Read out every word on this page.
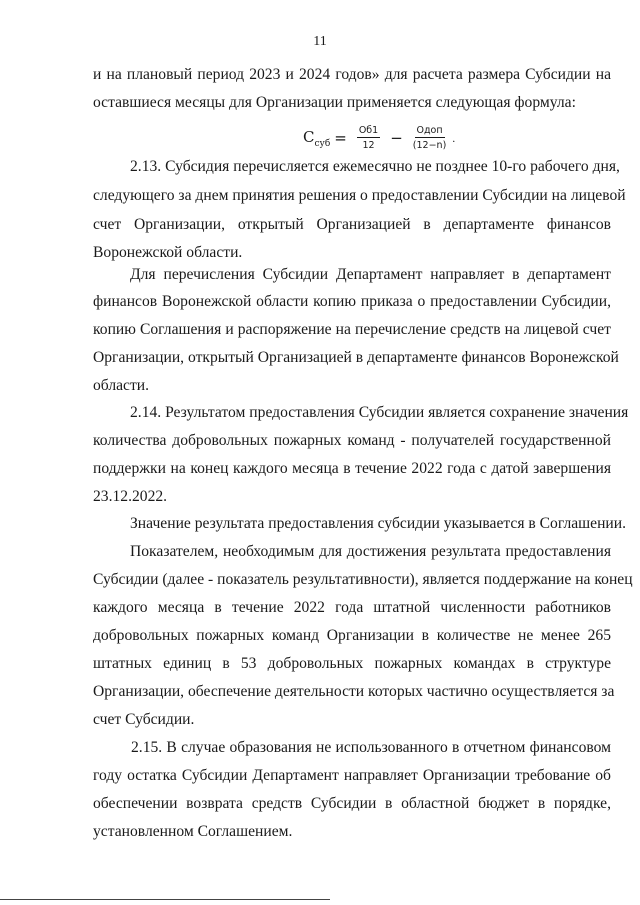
11
и на плановый период 2023 и 2024 годов» для расчета размера Субсидии на
оставшиеся месяцы для Организации применяется следующая формула:
$С_{суб} = \frac{Об1}{12} - \frac{\text{Одоп}}{(12-n)}$ .
2.13. Субсидия перечисляется ежемесячно не позднее 10-го рабочего дня,
следующего за днем принятия решения о предоставлении Субсидии на лицевой
счет Организации, открытый Организацией в департаменте финансов
Воронежской области.
Для перечисления Субсидии Департамент направляет в департамент
финансов Воронежской области копию приказа о предоставлении Субсидии,
копию Соглашения и распоряжение на перечисление средств на лицевой счет
Организации, открытый Организацией в департаменте финансов Воронежской
области.
2.14. Результатом предоставления Субсидии является сохранение значения
количества добровольных пожарных команд - получателей государственной
поддержки на конец каждого месяца в течение 2022 года с датой завершения
23.12.2022.
Значение результата предоставления субсидии указывается в Соглашении.
Показателем, необходимым для достижения результата предоставления
Субсидии (далее - показатель результативности), является поддержание на конец
каждого месяца в течение 2022 года штатной численности работников
добровольных пожарных команд Организации в количестве не менее 265
штатных единиц в 53 добровольных пожарных командах в структуре
Организации, обеспечение деятельности которых частично осуществляется за
счет Субсидии.
2.15. В случае образования не использованного в отчетном финансовом
году остатка Субсидии Департамент направляет Организации требование об
обеспечении возврата средств Субсидии в областной бюджет в порядке,
установленном Соглашением.
